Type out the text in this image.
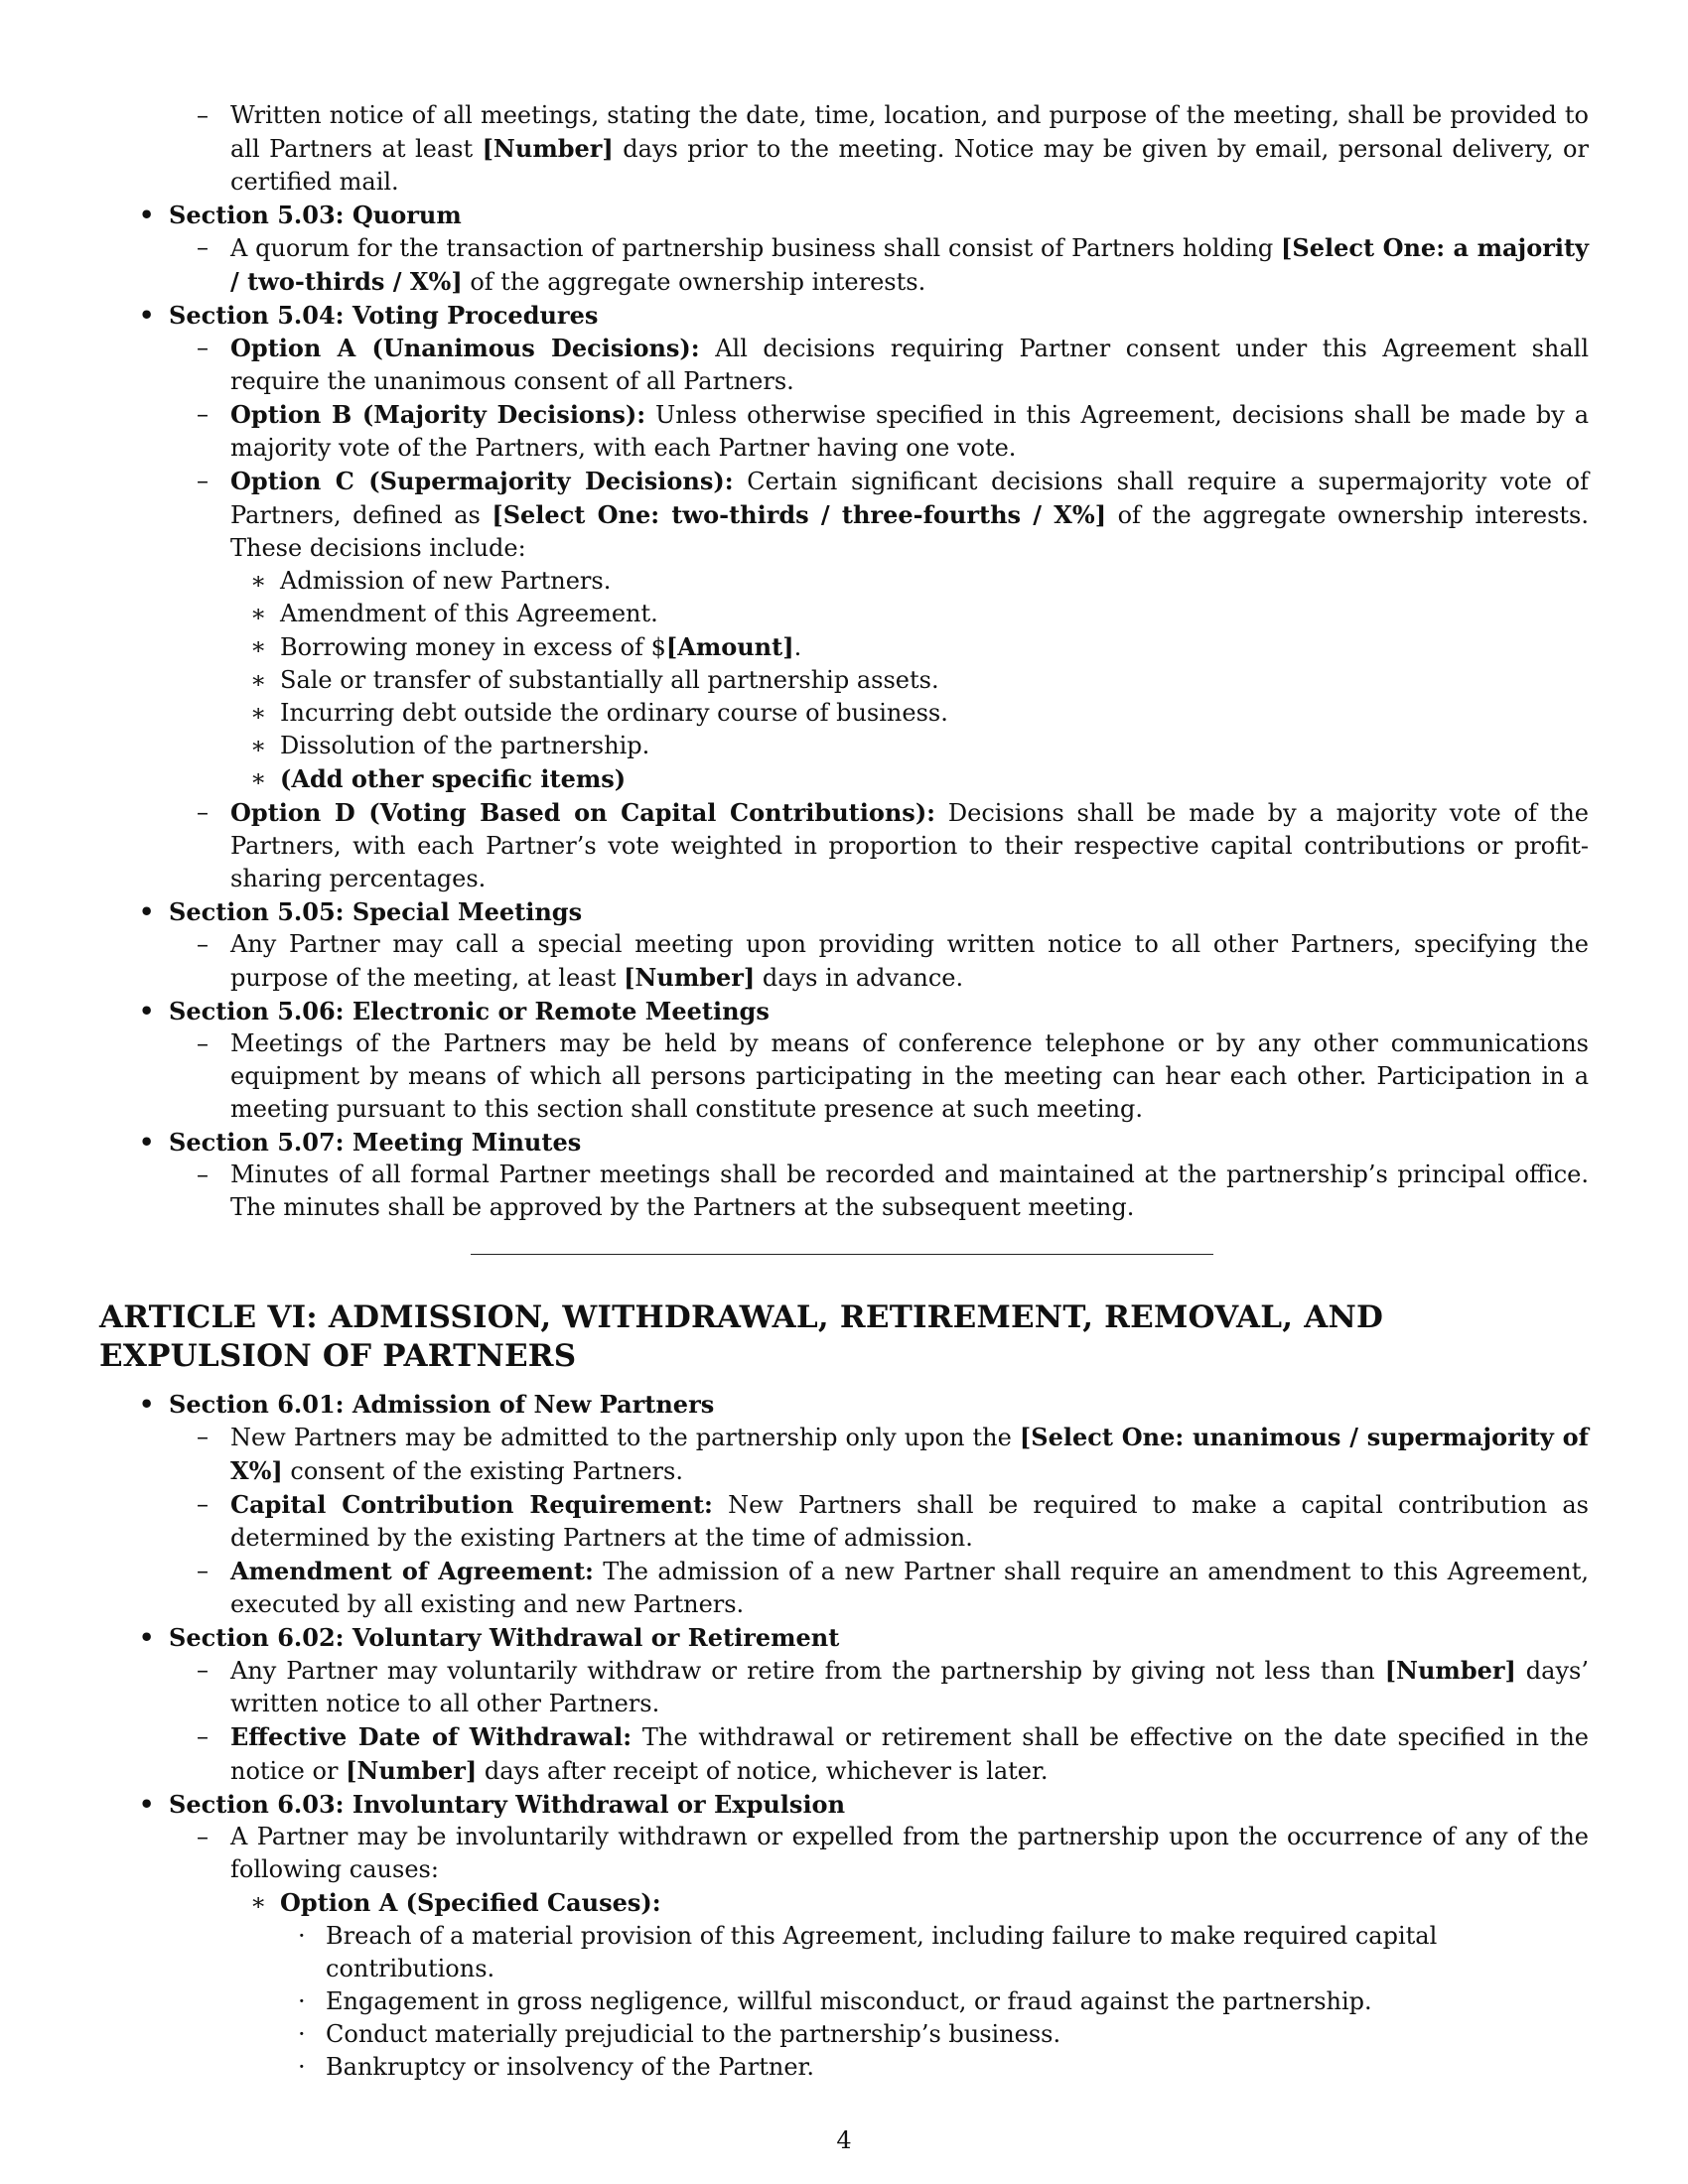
– Written notice of all meetings, stating the date, time, location, and purpose of the meeting, shall be provided to all Partners at least [Number] days prior to the meeting. Notice may be given by email, personal delivery, or certified mail.

• Section 5.03: Quorum

– A quorum for the transaction of partnership business shall consist of Partners holding [Select One: a majority / two-thirds / X%] of the aggregate ownership interests.

• Section 5.04: Voting Procedures

– Option A (Unanimous Decisions): All decisions requiring Partner consent under this Agreement shall require the unanimous consent of all Partners.

– Option B (Majority Decisions): Unless otherwise specified in this Agreement, decisions shall be made by a majority vote of the Partners, with each Partner having one vote.

– Option C (Supermajority Decisions): Certain significant decisions shall require a supermajority vote of Partners, defined as [Select One: two-thirds / three-fourths / X%] of the aggregate ownership interests. These decisions include:

∗ Admission of new Partners.

∗ Amendment of this Agreement.

∗ Borrowing money in excess of $[Amount].

∗ Sale or transfer of substantially all partnership assets.

∗ Incurring debt outside the ordinary course of business.

∗ Dissolution of the partnership.

∗ (Add other specific items)

– Option D (Voting Based on Capital Contributions): Decisions shall be made by a majority vote of the Partners, with each Partner’s vote weighted in proportion to their respective capital contributions or profit-sharing percentages.

• Section 5.05: Special Meetings

– Any Partner may call a special meeting upon providing written notice to all other Partners, specifying the purpose of the meeting, at least [Number] days in advance.

• Section 5.06: Electronic or Remote Meetings

– Meetings of the Partners may be held by means of conference telephone or by any other communications equipment by means of which all persons participating in the meeting can hear each other. Participation in a meeting pursuant to this section shall constitute presence at such meeting.

• Section 5.07: Meeting Minutes

– Minutes of all formal Partner meetings shall be recorded and maintained at the partnership’s principal office. The minutes shall be approved by the Partners at the subsequent meeting.

ARTICLE VI: ADMISSION, WITHDRAWAL, RETIREMENT, REMOVAL, AND EXPULSION OF PARTNERS

• Section 6.01: Admission of New Partners

– New Partners may be admitted to the partnership only upon the [Select One: unanimous / supermajority of X%] consent of the existing Partners.

– Capital Contribution Requirement: New Partners shall be required to make a capital contribution as determined by the existing Partners at the time of admission.

– Amendment of Agreement: The admission of a new Partner shall require an amendment to this Agreement, executed by all existing and new Partners.

• Section 6.02: Voluntary Withdrawal or Retirement

– Any Partner may voluntarily withdraw or retire from the partnership by giving not less than [Number] days’ written notice to all other Partners.

– Effective Date of Withdrawal: The withdrawal or retirement shall be effective on the date specified in the notice or [Number] days after receipt of notice, whichever is later.

• Section 6.03: Involuntary Withdrawal or Expulsion

– A Partner may be involuntarily withdrawn or expelled from the partnership upon the occurrence of any of the following causes:

∗ Option A (Specified Causes):

· Breach of a material provision of this Agreement, including failure to make required capital contributions.

· Engagement in gross negligence, willful misconduct, or fraud against the partnership.

· Conduct materially prejudicial to the partnership’s business.

· Bankruptcy or insolvency of the Partner.

4
